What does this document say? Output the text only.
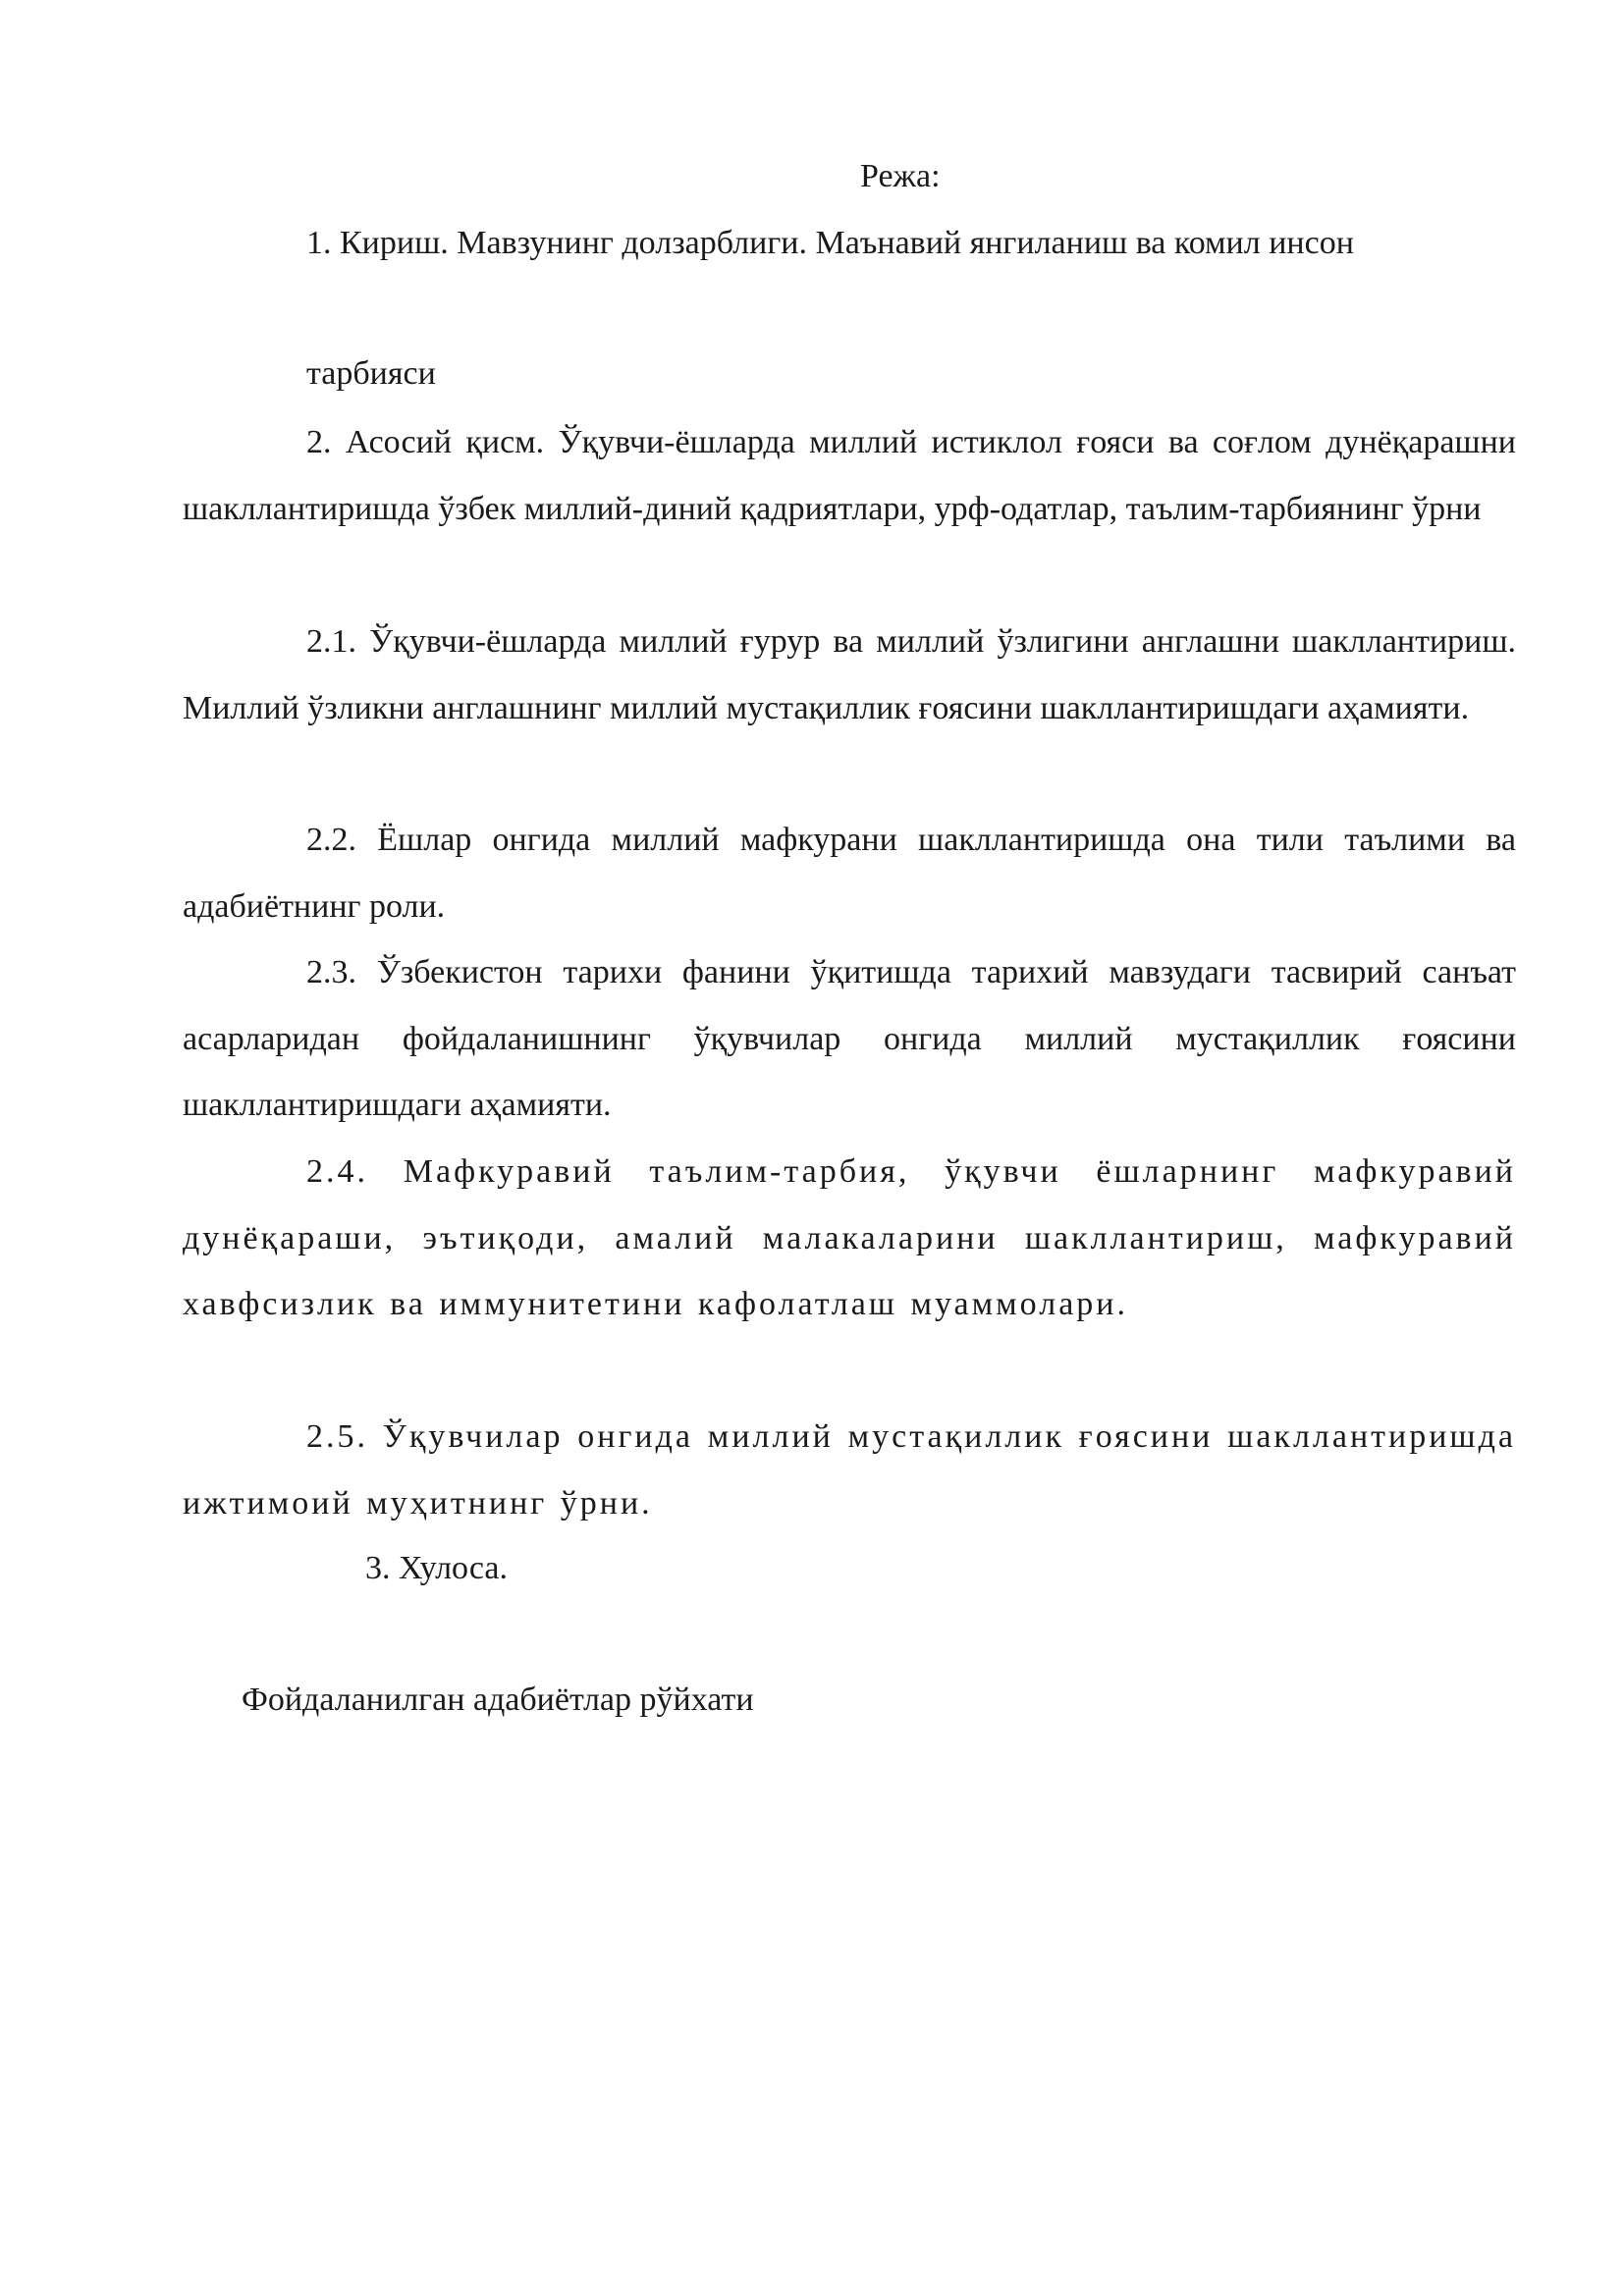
Режа:

1. Кириш. Мавзунинг долзарблиги. Маънавий янгиланиш ва комил инсон

тарбияси

2. Асосий қисм. Ўқувчи-ёшларда миллий истиклол ғояси ва соғлом дунёқарашни шакллантиришда ўзбек миллий-диний қадриятлари, урф-одатлар, таълим-тарбиянинг ўрни

2.1. Ўқувчи-ёшларда миллий ғурур ва миллий ўзлигини англашни шакллантириш. Миллий ўзликни англашнинг миллий мустақиллик ғоясини шакллантиришдаги аҳамияти.

2.2. Ёшлар онгида миллий мафкурани шакллантиришда она тили таълими ва адабиётнинг роли.

2.3. Ўзбекистон тарихи фанини ўқитишда тарихий мавзудаги тасвирий санъат асарларидан фойдаланишнинг ўқувчилар онгида миллий мустақиллик ғоясини шакллантиришдаги аҳамияти.

2.4. Мафкуравий таълим-тарбия, ўқувчи ёшларнинг мафкуравий дунёқараши, эътиқоди, амалий малакаларини шакллантириш, мафкуравий хавфсизлик ва иммунитетини кафолатлаш муаммолари.

2.5. Ўқувчилар онгида миллий мустақиллик ғоясини шакллантиришда ижтимоий муҳитнинг ўрни.

3. Хулоса.

Фойдаланилган адабиётлар рўйхати
